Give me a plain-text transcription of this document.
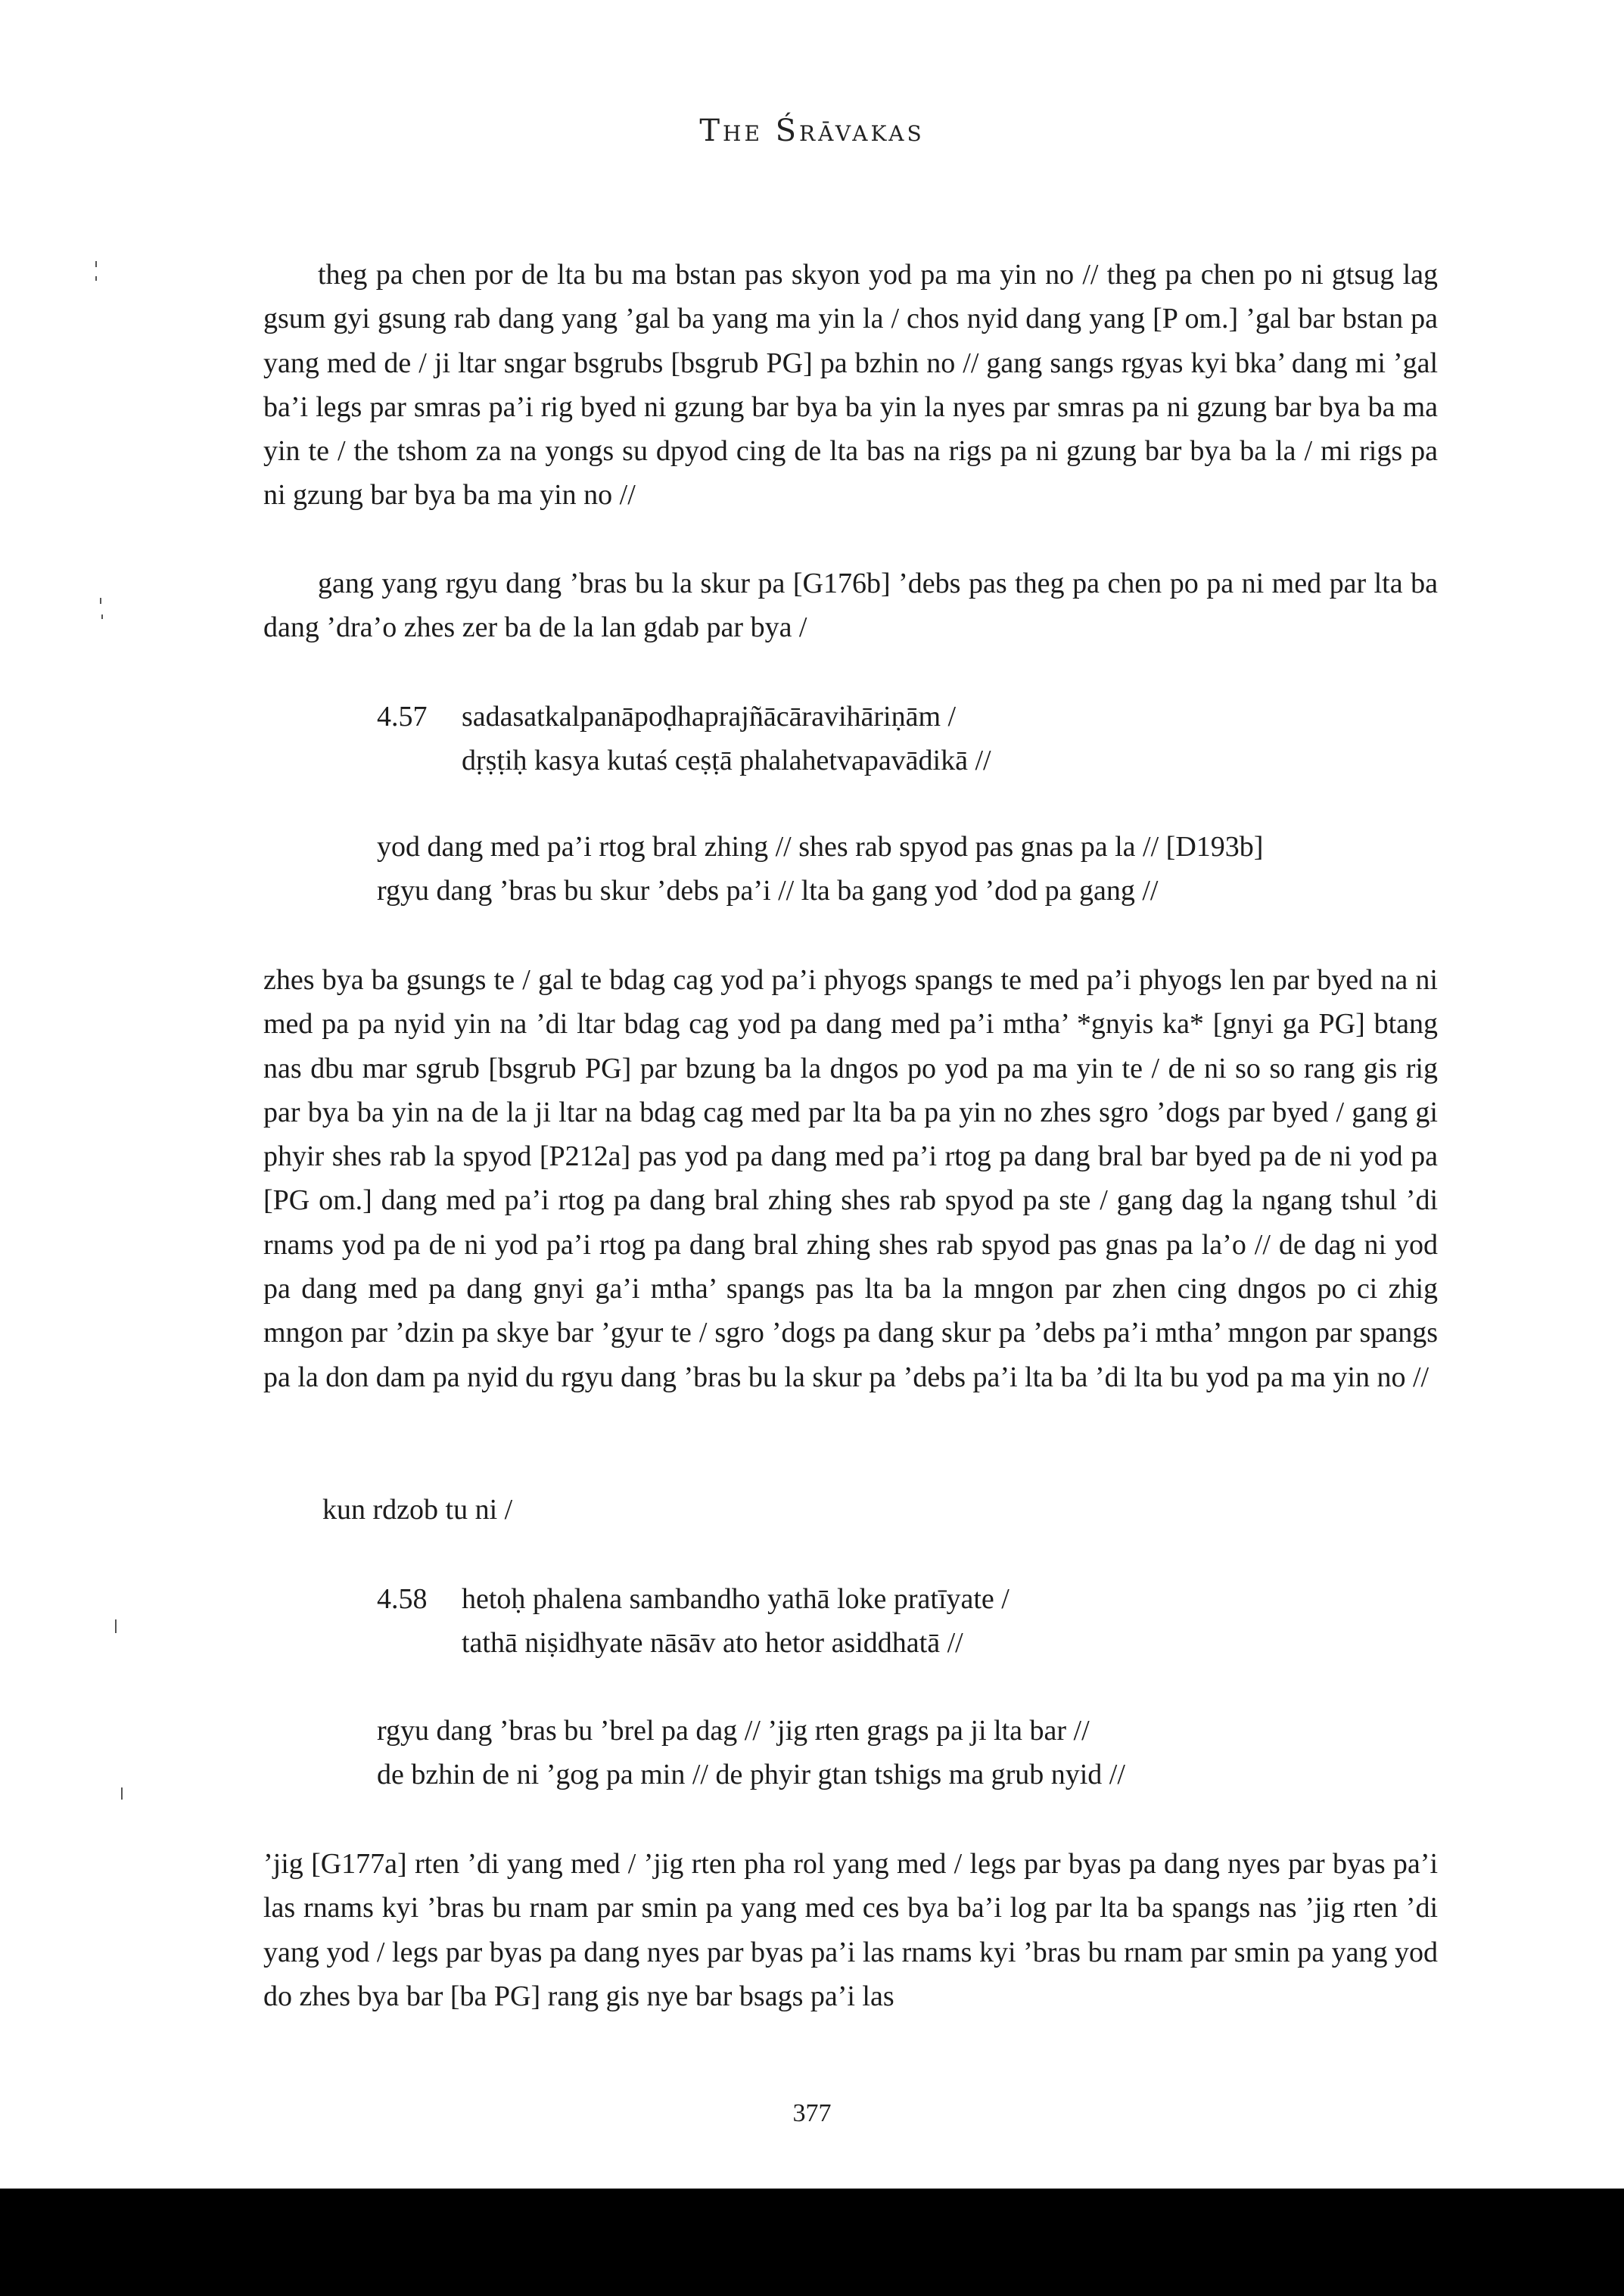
The Śrāvakas

theg pa chen por de lta bu ma bstan pas skyon yod pa ma yin no // theg pa chen po ni gtsug lag gsum gyi gsung rab dang yang ’gal ba yang ma yin la / chos nyid dang yang [P om.] ’gal bar bstan pa yang med de / ji ltar sngar bsgrubs [bsgrub PG] pa bzhin no // gang sangs rgyas kyi bka’ dang mi ’gal ba’i legs par smras pa’i rig byed ni gzung bar bya ba yin la nyes par smras pa ni gzung bar bya ba ma yin te / the tshom za na yongs su dpyod cing de lta bas na rigs pa ni gzung bar bya ba la / mi rigs pa ni gzung bar bya ba ma yin no //

gang yang rgyu dang ’bras bu la skur pa [G176b] ’debs pas theg pa chen po pa ni med par lta ba dang ’dra’o zhes zer ba de la lan gdab par bya /

4.57 sadasatkalpanāpoḍhaprajñācāravihāriṇām /
dṛṣṭiḥ kasya kutaś ceṣṭā phalahetvapavādikā //
yod dang med pa’i rtog bral zhing // shes rab spyod pas gnas pa la // [D193b]
rgyu dang ’bras bu skur ’debs pa’i // lta ba gang yod ’dod pa gang //

zhes bya ba gsungs te / gal te bdag cag yod pa’i phyogs spangs te med pa’i phyogs len par byed na ni med pa pa nyid yin na ’di ltar bdag cag yod pa dang med pa’i mtha’ *gnyis ka* [gnyi ga PG] btang nas dbu mar sgrub [bsgrub PG] par bzung ba la dngos po yod pa ma yin te / de ni so so rang gis rig par bya ba yin na de la ji ltar na bdag cag med par lta ba pa yin no zhes sgro ’dogs par byed / gang gi phyir shes rab la spyod [P212a] pas yod pa dang med pa’i rtog pa dang bral bar byed pa de ni yod pa [PG om.] dang med pa’i rtog pa dang bral zhing shes rab spyod pa ste / gang dag la ngang tshul ’di rnams yod pa de ni yod pa’i rtog pa dang bral zhing shes rab spyod pas gnas pa la’o // de dag ni yod pa dang med pa dang gnyi ga’i mtha’ spangs pas lta ba la mngon par zhen cing dngos po ci zhig mngon par ’dzin pa skye bar ’gyur te / sgro ’dogs pa dang skur pa ’debs pa’i mtha’ mngon par spangs pa la don dam pa nyid du rgyu dang ’bras bu la skur pa ’debs pa’i lta ba ’di lta bu yod pa ma yin no //

kun rdzob tu ni /
4.58 hetoḥ phalena sambandho yathā loke pratīyate /
tathā niṣidhyate nāsāv ato hetor asiddhatā //
rgyu dang ’bras bu ’brel pa dag // ’jig rten grags pa ji lta bar //
de bzhin de ni ’gog pa min // de phyir gtan tshigs ma grub nyid //

’jig [G177a] rten ’di yang med / ’jig rten pha rol yang med / legs par byas pa dang nyes par byas pa’i las rnams kyi ’bras bu rnam par smin pa yang med ces bya ba’i log par lta ba spangs nas ’jig rten ’di yang yod / legs par byas pa dang nyes par byas pa’i las rnams kyi ’bras bu rnam par smin pa yang yod do zhes bya bar [ba PG] rang gis nye bar bsags pa’i las

377
